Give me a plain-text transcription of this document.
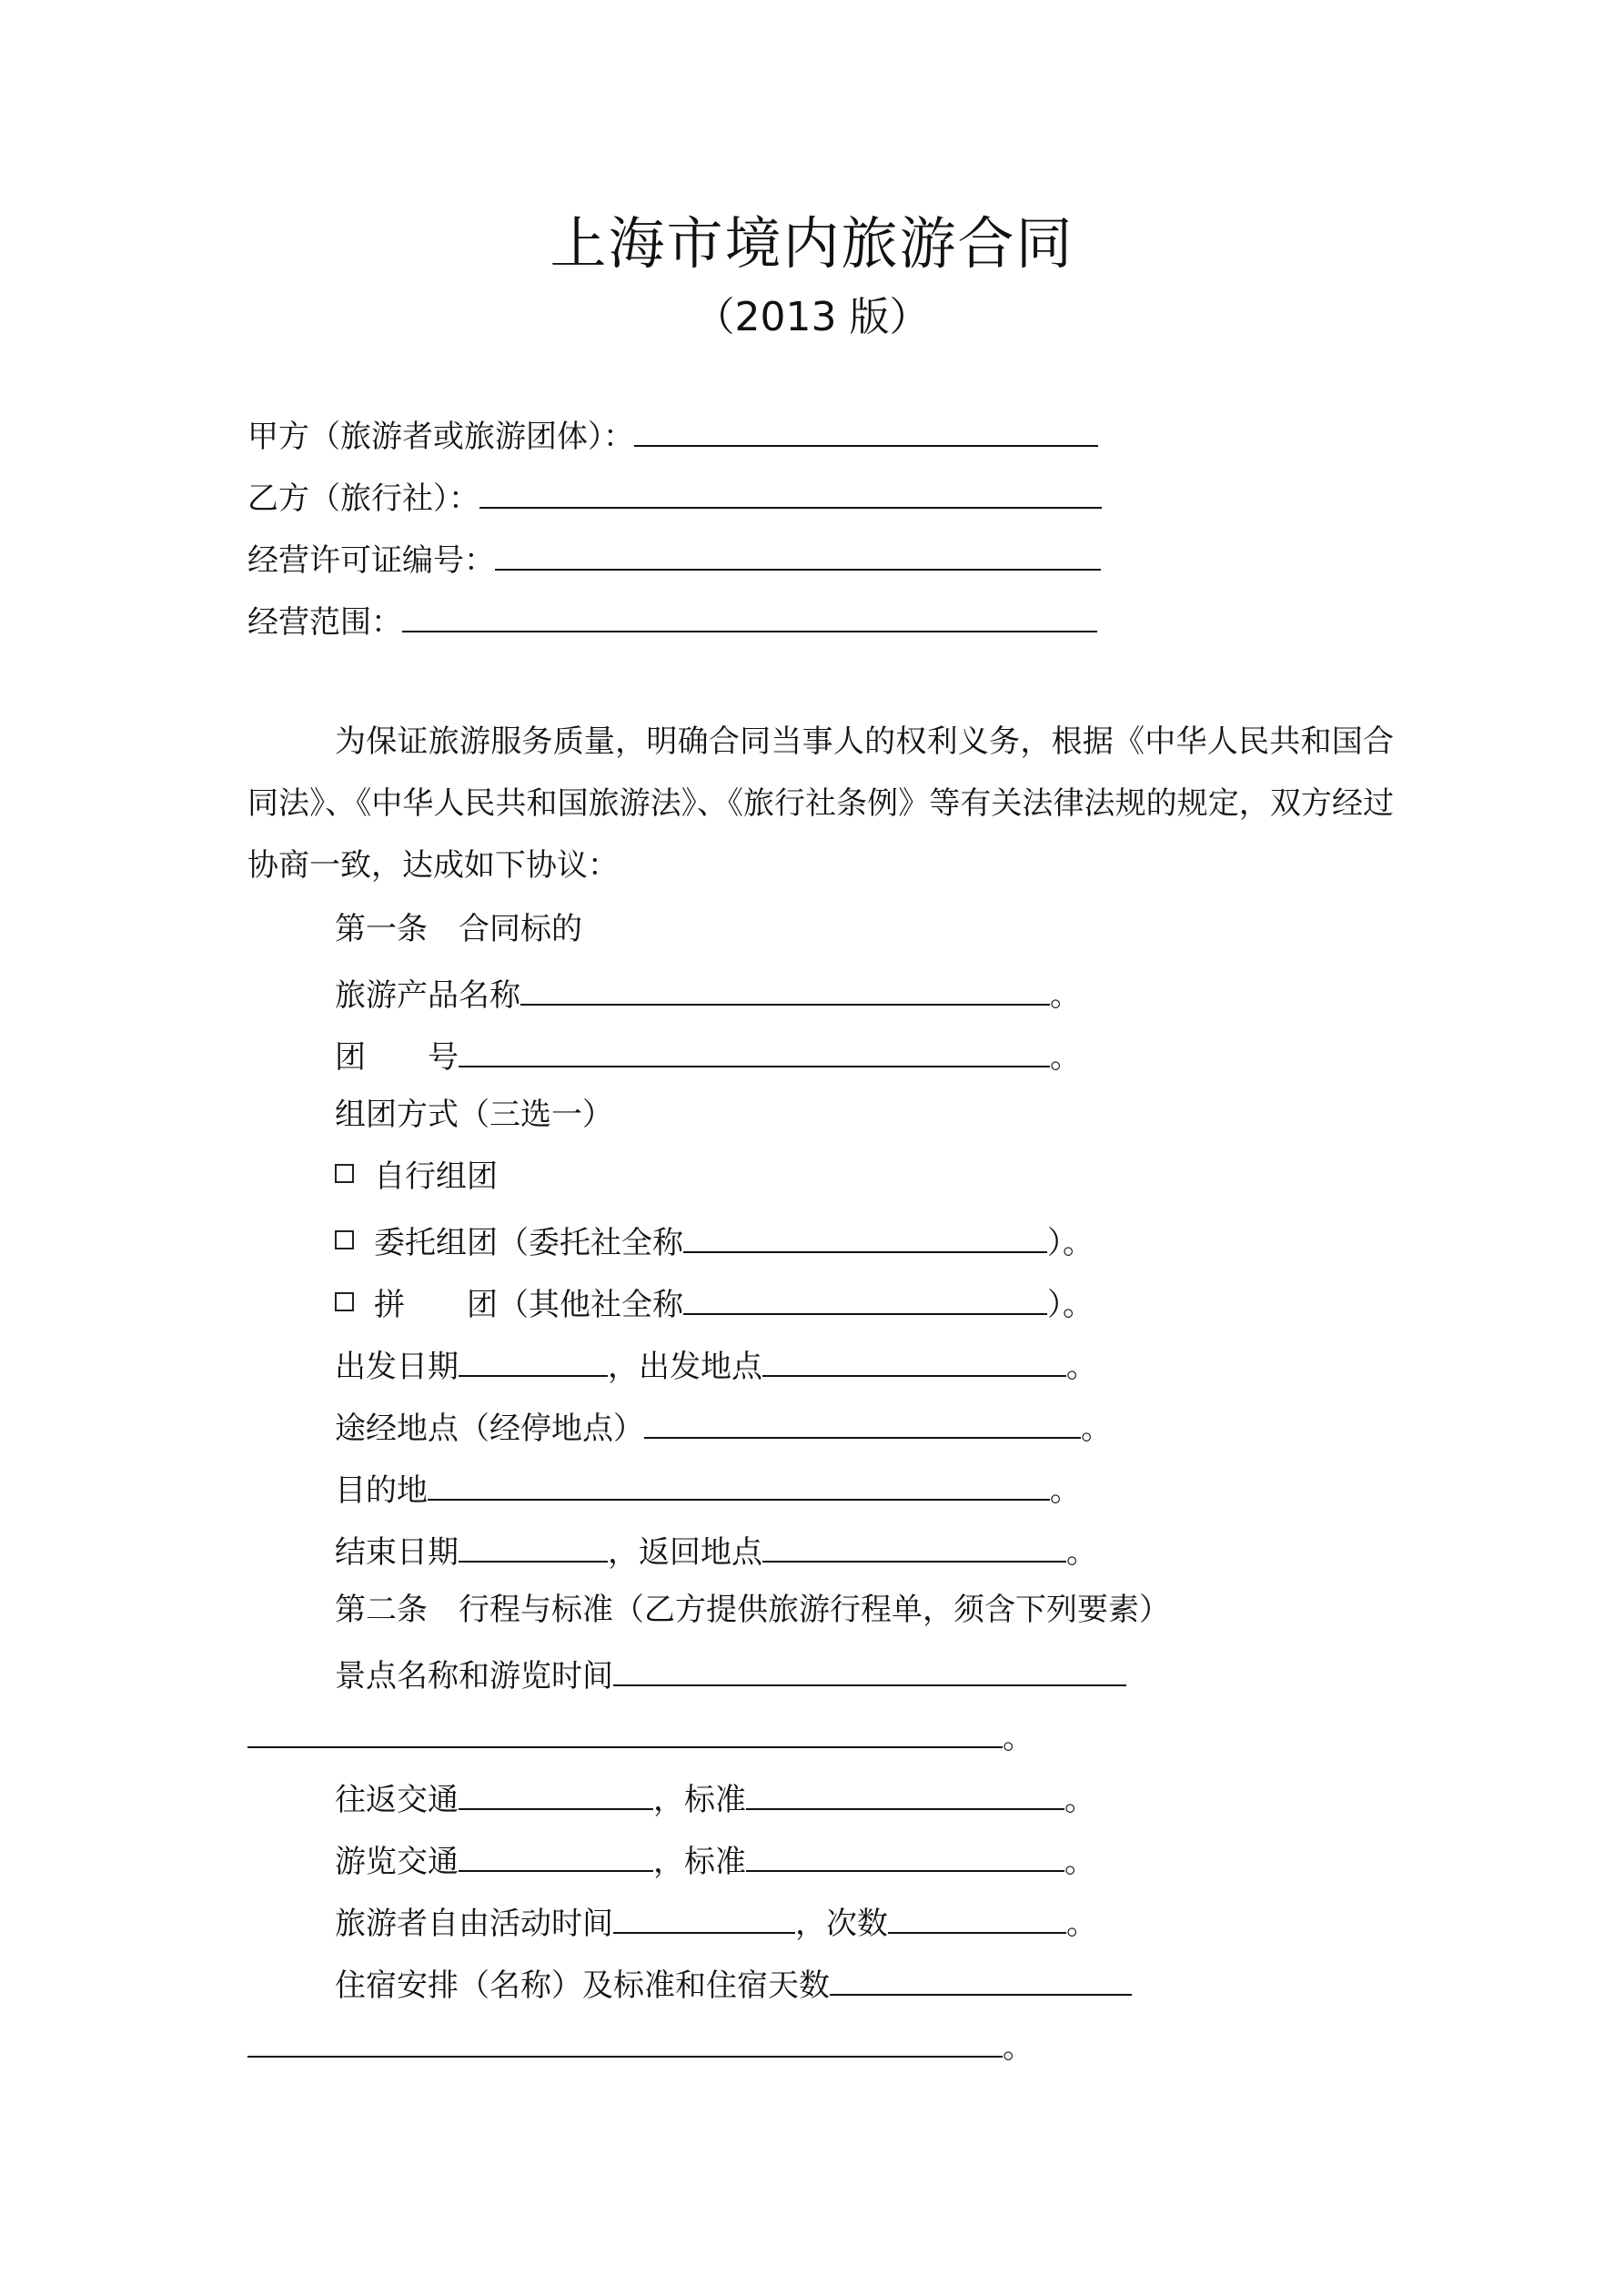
上海市境内旅游合同
（2013 版）
甲方（旅游者或旅游团体）：
乙方（旅行社）：
经营许可证编号：
经营范围：
为保证旅游服务质量，明确合同当事人的权利义务，根据《中华人民共和国合同法》、《中华人民共和国旅游法》、《旅行社条例》等有关法律法规的规定，双方经过协商一致，达成如下协议：
第一条　合同标的
旅游产品名称	。
团　　号	。
组团方式（三选一）
自行组团
委托组团（委托社全称	）。
拼　　团（其他社全称	）。
出发日期	，出发地点	。
途经地点（经停地点）	。
目的地	。
结束日期	，返回地点	。
第二条　行程与标准（乙方提供旅游行程单，须含下列要素）
景点名称和游览时间
。
往返交通	，标准	。
游览交通	，标准	。
旅游者自由活动时间	，次数	。
住宿安排（名称）及标准和住宿天数
。
